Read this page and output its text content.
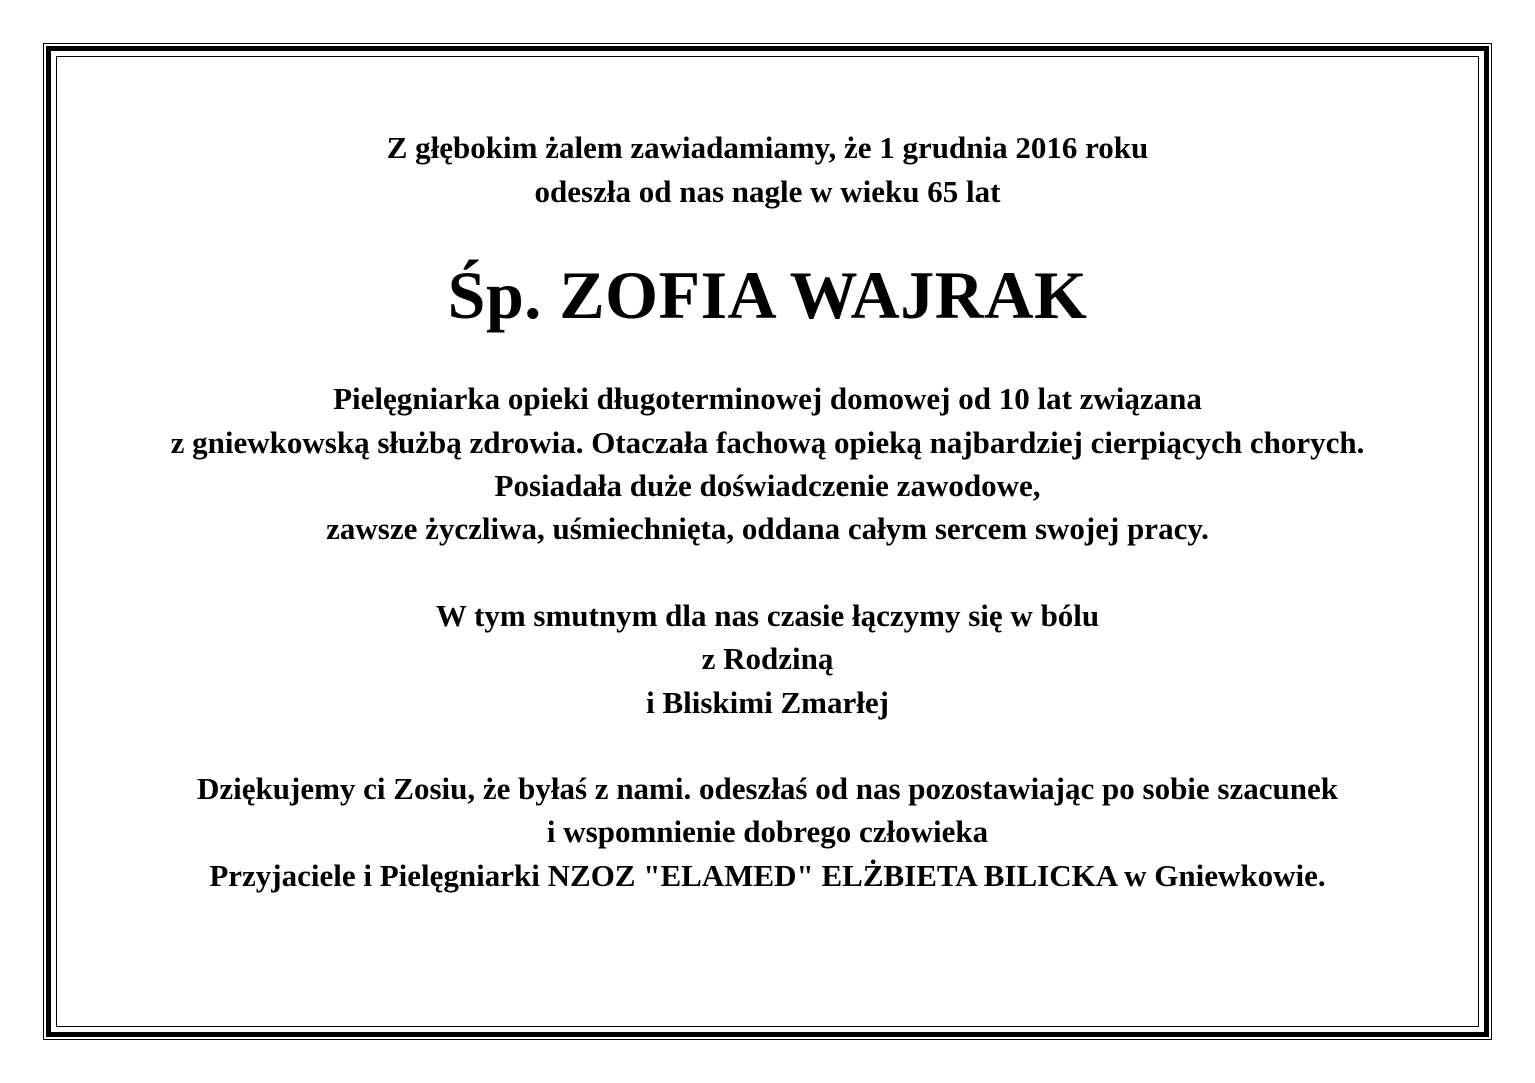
Z głębokim żalem zawiadamiamy, że 1 grudnia 2016 roku
odeszła od nas nagle w wieku 65 lat
Śp. ZOFIA WAJRAK
Pielęgniarka opieki długoterminowej domowej od 10 lat związana
z gniewkowską służbą zdrowia. Otaczała fachową opieką najbardziej cierpiących chorych.
Posiadała duże doświadczenie zawodowe,
zawsze życzliwa, uśmiechnięta, oddana całym sercem swojej pracy.
W tym smutnym dla nas czasie łączymy się w bólu
z Rodziną
i Bliskimi Zmarłej
Dziękujemy ci Zosiu, że byłaś z nami. odeszłaś od nas pozostawiając po sobie szacunek
i wspomnienie dobrego człowieka
Przyjaciele i Pielęgniarki NZOZ "ELAMED" ELŻBIETA BILICKA w Gniewkowie.
